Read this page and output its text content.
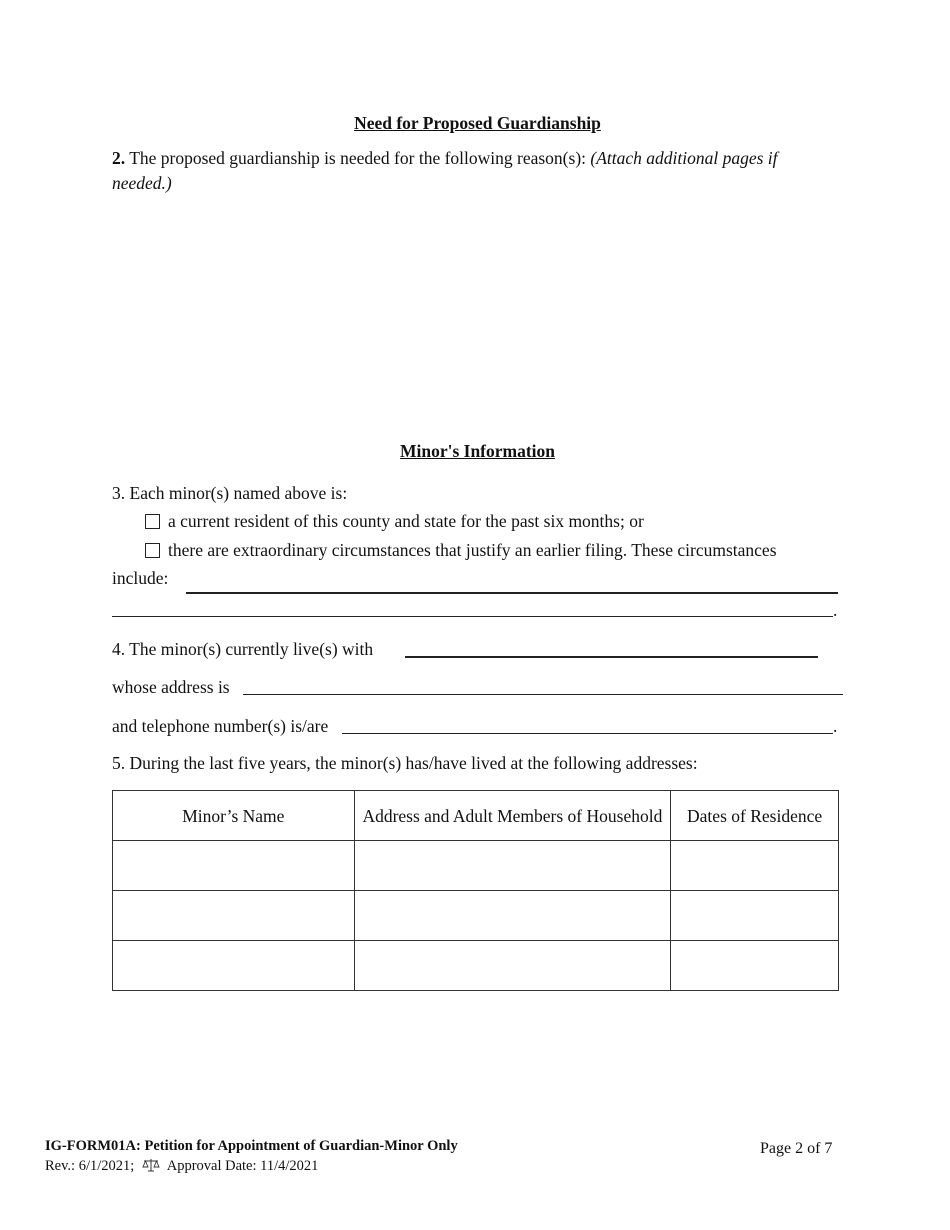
Need for Proposed Guardianship
2. The proposed guardianship is needed for the following reason(s): (Attach additional pages if
needed.)
Minor's Information
3. Each minor(s) named above is:
a current resident of this county and state for the past six months; or
there are extraordinary circumstances that justify an earlier filing. These circumstances
include:
.
4. The minor(s) currently live(s) with
whose address is
and telephone number(s) is/are	.
5. During the last five years, the minor(s) has/have lived at the following addresses:
Minor’s Name	Address and Adult Members of Household	Dates of Residence

IG-FORM01A: Petition for Appointment of Guardian-Minor Only
Rev.: 6/1/2021; Approval Date: 11/4/2021
Page 2 of 7
